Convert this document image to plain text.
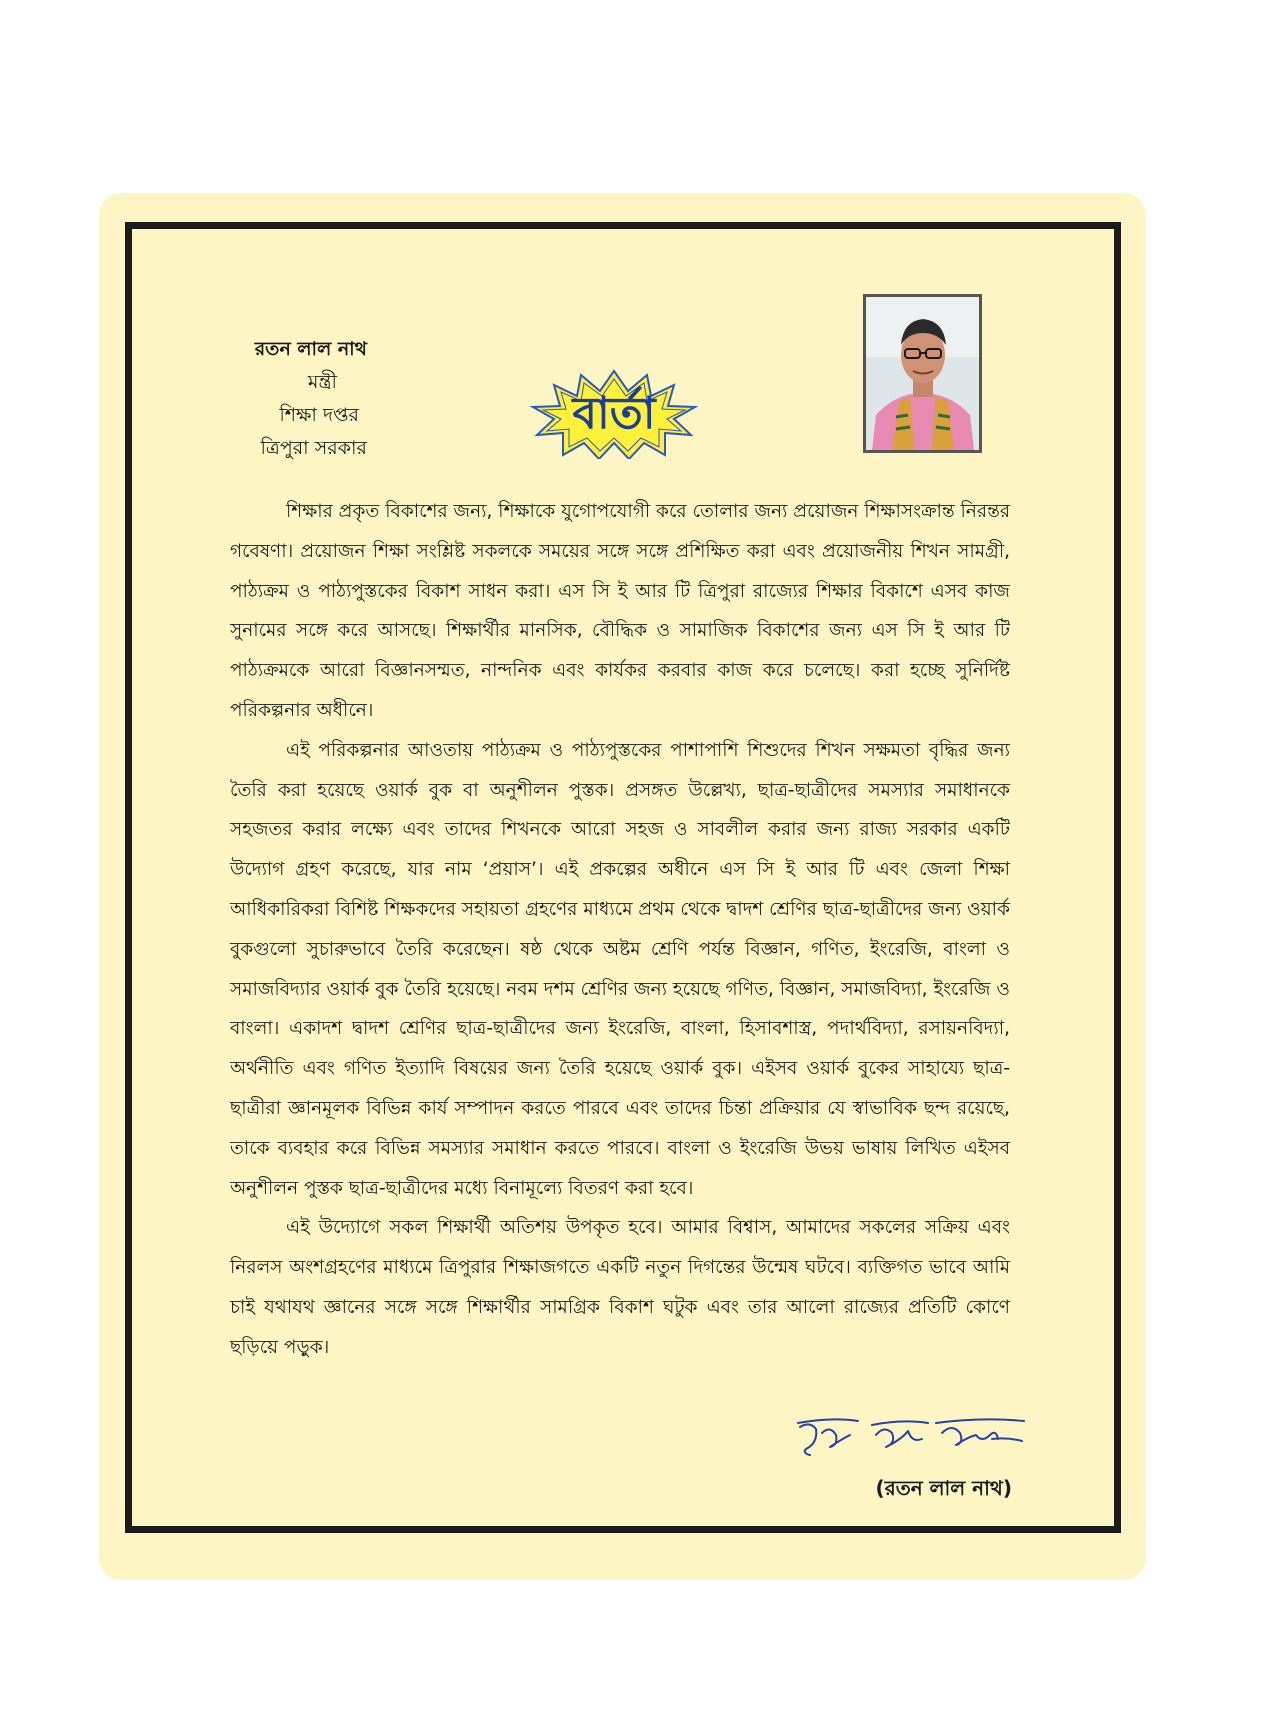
রতন লাল নাথ
মন্ত্রী
শিক্ষা দপ্তর
ত্রিপুরা সরকার
বার্তা

শিক্ষার প্রকৃত বিকাশের জন্য, শিক্ষাকে যুগোপযোগী করে তোলার জন্য প্রয়োজন শিক্ষাসংক্রান্ত নিরন্তর গবেষণা। প্রয়োজন শিক্ষা সংশ্লিষ্ট সকলকে সময়ের সঙ্গে সঙ্গে প্রশিক্ষিত করা এবং প্রয়োজনীয় শিখন সামগ্রী, পাঠ্যক্রম ও পাঠ্যপুস্তকের বিকাশ সাধন করা। এস সি ই আর টি ত্রিপুরা রাজ্যের শিক্ষার বিকাশে এসব কাজ সুনামের সঙ্গে করে আসছে। শিক্ষার্থীর মানসিক, বৌদ্ধিক ও সামাজিক বিকাশের জন্য এস সি ই আর টি পাঠ্যক্রমকে আরো বিজ্ঞানসম্মত, নান্দনিক এবং কার্যকর করবার কাজ করে চলেছে। করা হচ্ছে সুনির্দিষ্ট পরিকল্পনার অধীনে।

এই পরিকল্পনার আওতায় পাঠ্যক্রম ও পাঠ্যপুস্তকের পাশাপাশি শিশুদের শিখন সক্ষমতা বৃদ্ধির জন্য তৈরি করা হয়েছে ওয়ার্ক বুক বা অনুশীলন পুস্তক। প্রসঙ্গত উল্লেখ্য, ছাত্র-ছাত্রীদের সমস্যার সমাধানকে সহজতর করার লক্ষ্যে এবং তাদের শিখনকে আরো সহজ ও সাবলীল করার জন্য রাজ্য সরকার একটি উদ্যোগ গ্রহণ করেছে, যার নাম ‘প্রয়াস’। এই প্রকল্পের অধীনে এস সি ই আর টি এবং জেলা শিক্ষা আধিকারিকরা বিশিষ্ট শিক্ষকদের সহায়তা গ্রহণের মাধ্যমে প্রথম থেকে দ্বাদশ শ্রেণির ছাত্র-ছাত্রীদের জন্য ওয়ার্ক বুকগুলো সুচারুভাবে তৈরি করেছেন। ষষ্ঠ থেকে অষ্টম শ্রেণি পর্যন্ত বিজ্ঞান, গণিত, ইংরেজি, বাংলা ও সমাজবিদ্যার ওয়ার্ক বুক তৈরি হয়েছে। নবম দশম শ্রেণির জন্য হয়েছে গণিত, বিজ্ঞান, সমাজবিদ্যা, ইংরেজি ও বাংলা। একাদশ দ্বাদশ শ্রেণির ছাত্র-ছাত্রীদের জন্য ইংরেজি, বাংলা, হিসাবশাস্ত্র, পদার্থবিদ্যা, রসায়নবিদ্যা, অর্থনীতি এবং গণিত ইত্যাদি বিষয়ের জন্য তৈরি হয়েছে ওয়ার্ক বুক। এইসব ওয়ার্ক বুকের সাহায্যে ছাত্র-ছাত্রীরা জ্ঞানমূলক বিভিন্ন কার্য সম্পাদন করতে পারবে এবং তাদের চিন্তা প্রক্রিয়ার যে স্বাভাবিক ছন্দ রয়েছে, তাকে ব্যবহার করে বিভিন্ন সমস্যার সমাধান করতে পারবে। বাংলা ও ইংরেজি উভয় ভাষায় লিখিত এইসব অনুশীলন পুস্তক ছাত্র-ছাত্রীদের মধ্যে বিনামূল্যে বিতরণ করা হবে।

এই উদ্যোগে সকল শিক্ষার্থী অতিশয় উপকৃত হবে। আমার বিশ্বাস, আমাদের সকলের সক্রিয় এবং নিরলস অংশগ্রহণের মাধ্যমে ত্রিপুরার শিক্ষাজগতে একটি নতুন দিগন্তের উন্মেষ ঘটবে। ব্যক্তিগত ভাবে আমি চাই যথাযথ জ্ঞানের সঙ্গে সঙ্গে শিক্ষার্থীর সামগ্রিক বিকাশ ঘটুক এবং তার আলো রাজ্যের প্রতিটি কোণে ছড়িয়ে পড়ুক।

(রতন লাল নাথ)
